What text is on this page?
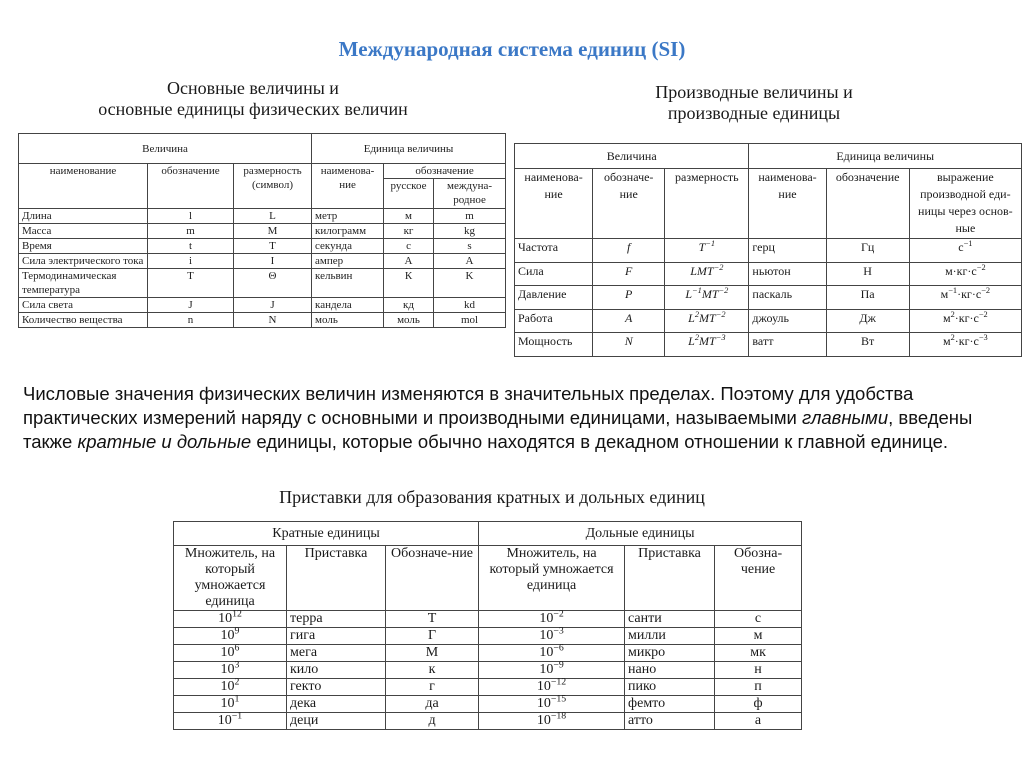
Международная система единиц (SI)
Основные величины и
основные единицы физических величин
Производные величины и
производные единицы
Величина			Единица величины		
наименование	обозначение	размерность (символ)	наименова-ние	обозначение	
				русское	междуна-родное
Длина	l	L	метр	м	m
Масса	m	M	килограмм	кг	kg
Время	t	T	секунда	с	s
Сила электрического тока	i	I	ампер	А	A
Термодинамическая температура	T	Θ	кельвин	К	K
Сила света	J	J	кандела	кд	kd
Количество вещества	n	N	моль	моль	mol
Величина			Единица величины		
наименова-ние	обозначе-ние	размерность	наименова-ние	обозначение	выражение производной еди-ницы через основ-ные
Частота	f	$T^{-1}$	герц	Гц	$с^{-1}$
Сила	F	$LMT^{-2}$	ньютон	Н	$м\cdot кг\cdot с^{-2}$
Давление	P	$L^{-1}MT^{-2}$	паскаль	Па	$м^{-1}\cdot кг\cdot с^{-2}$
Работа	A	$L^2MT^{-2}$	джоуль	Дж	$м^2\cdot кг\cdot с^{-2}$
Мощность	N	$L^2MT^{-3}$	ватт	Вт	$м^2\cdot кг\cdot с^{-3}$
Числовые значения физических величин изменяются в значительных пределах. Поэтому для удобства практических измерений наряду с основными и производными единицами, называемыми главными, введены также кратные и дольные единицы, которые обычно находятся в декадном отношении к главной единице.
Приставки для образования кратных и дольных единиц
Кратные единицы			Дольные единицы		
Множитель, на который умножается единица	Приставка	Обозначе-ние	Множитель, на который умножается единица	Приставка	Обозна-чение
$10^{12}$	терра	Т	$10^{-2}$	санти	с
$10^9$	гига	Г	$10^{-3}$	милли	м
$10^6$	мега	М	$10^{-6}$	микро	мк
$10^3$	кило	к	$10^{-9}$	нано	н
$10^2$	гекто	г	$10^{-12}$	пико	п
$10^1$	дека	да	$10^{-15}$	фемто	ф
$10^{-1}$	деци	д	$10^{-18}$	атто	а
